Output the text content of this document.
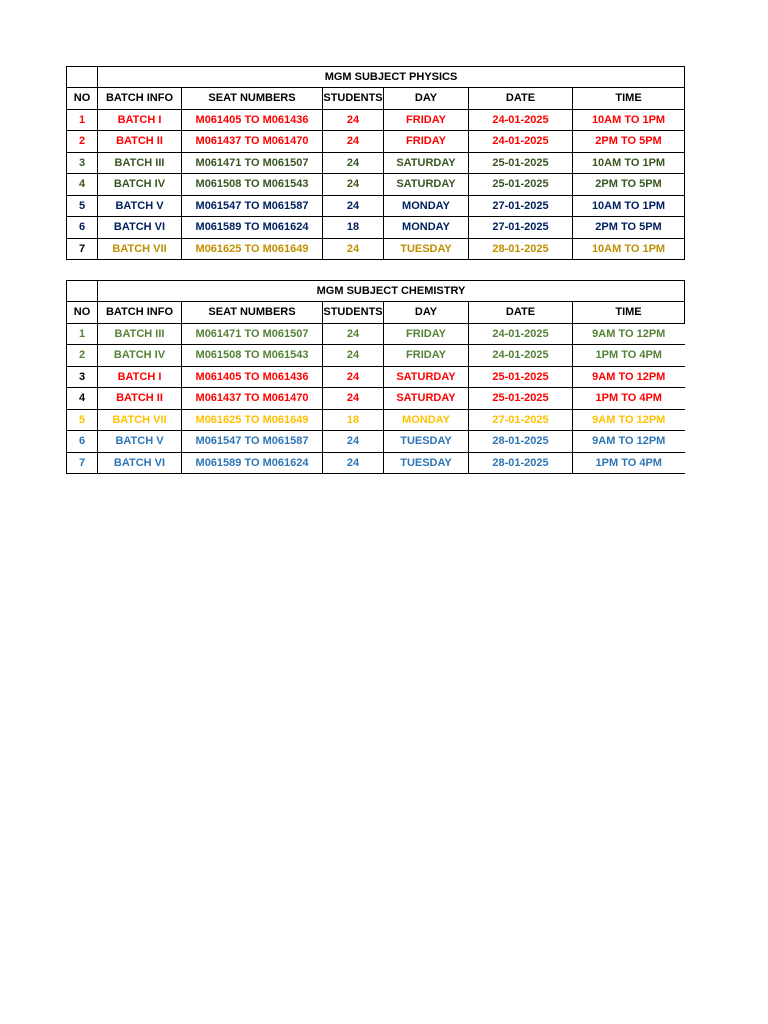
	MGM SUBJECT PHYSICS					
NO	BATCH INFO	SEAT NUMBERS	STUDENTS	DAY	DATE	TIME
1	BATCH I	M061405 TO M061436	24	FRIDAY	24-01-2025	10AM TO 1PM
2	BATCH II	M061437 TO M061470	24	FRIDAY	24-01-2025	2PM TO 5PM
3	BATCH III	M061471 TO M061507	24	SATURDAY	25-01-2025	10AM TO 1PM
4	BATCH IV	M061508 TO M061543	24	SATURDAY	25-01-2025	2PM TO 5PM
5	BATCH V	M061547 TO M061587	24	MONDAY	27-01-2025	10AM TO 1PM
6	BATCH VI	M061589 TO M061624	18	MONDAY	27-01-2025	2PM TO 5PM
7	BATCH VII	M061625 TO M061649	24	TUESDAY	28-01-2025	10AM TO 1PM
	MGM SUBJECT CHEMISTRY					
NO	BATCH INFO	SEAT NUMBERS	STUDENTS	DAY	DATE	TIME
1	BATCH III	M061471 TO M061507	24	FRIDAY	24-01-2025	9AM TO 12PM
2	BATCH IV	M061508 TO M061543	24	FRIDAY	24-01-2025	1PM TO 4PM
3	BATCH I	M061405 TO M061436	24	SATURDAY	25-01-2025	9AM TO 12PM
4	BATCH II	M061437 TO M061470	24	SATURDAY	25-01-2025	1PM TO 4PM
5	BATCH VII	M061625 TO M061649	18	MONDAY	27-01-2025	9AM TO 12PM
6	BATCH V	M061547 TO M061587	24	TUESDAY	28-01-2025	9AM TO 12PM
7	BATCH VI	M061589 TO M061624	24	TUESDAY	28-01-2025	1PM TO 4PM
